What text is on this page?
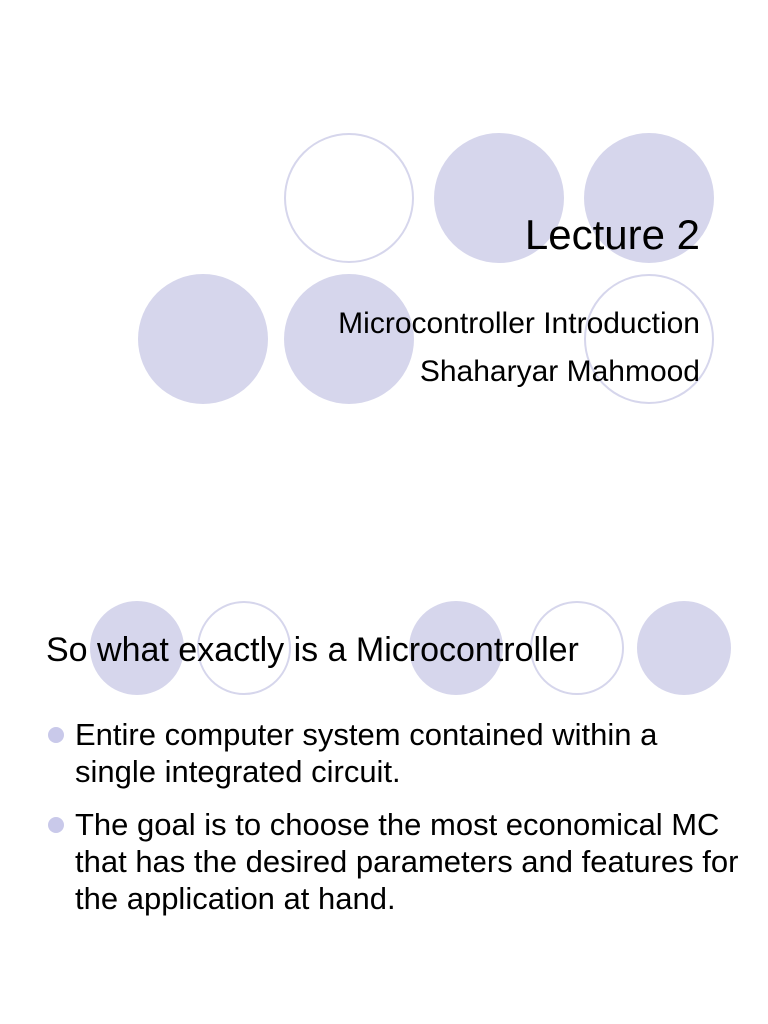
Lecture 2
Microcontroller Introduction
Shaharyar Mahmood
So what exactly is a Microcontroller
Entire computer system contained within a single integrated circuit.
The goal is to choose the most economical MC that has the desired parameters and features for the application at hand.
